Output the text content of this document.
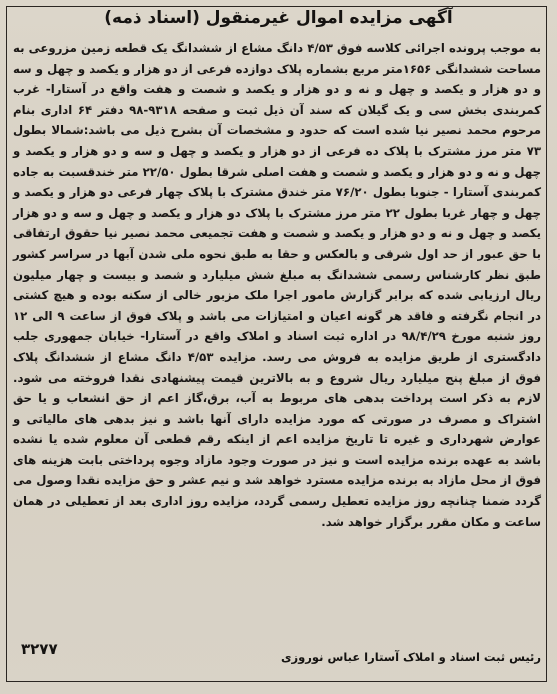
آگهی مزایده اموال غیرمنقول (اسناد ذمه)

به موجب پرونده اجرائی کلاسه فوق ۴/۵۳ دانگ مشاع از ششدانگ یک قطعه زمین مزروعی به مساحت ششدانگی ۱۶۵۶متر مربع بشماره پلاک دوازده فرعی از دو هزار و یکصد و چهل و سه و دو هزار و یکصد و چهل و نه و دو هزار و یکصد و شصت و هفت واقع در آستارا- غرب کمربندی بخش سی و یک گیلان که سند آن ذیل ثبت و صفحه ۹۳۱۸-۹۸ دفتر ۶۴ اداری بنام مرحوم محمد نصیر نیا شده است که حدود و مشخصات آن بشرح ذیل می باشد:شمالا بطول ۷۳ متر مرز مشترک با پلاک ده فرعی از دو هزار و یکصد و چهل و سه و دو هزار و یکصد و چهل و نه و دو هزار و یکصد و شصت و هفت اصلی شرقا بطول ۲۲/۵۰ متر خندقسبت به جاده کمربندی آستارا - جنوبا بطول ۷۶/۲۰ متر خندق مشترک با پلاک چهار فرعی دو هزار و یکصد و چهل و چهار غربا بطول ۲۲ متر مرز مشترک با پلاک دو هزار و یکصد و چهل و سه و دو هزار یکصد و چهل و نه و دو هزار و یکصد و شصت و هفت تجمیعی محمد نصیر نیا حقوق ارتفاقی با حق عبور از حد اول شرقی و بالعکس و حقا به طبق نحوه ملی شدن آبها در سراسر کشور طبق نظر کارشناس رسمی ششدانگ به مبلغ شش میلیارد و شصد و بیست و چهار میلیون ریال ارزیابی شده که برابر گزارش مامور اجرا ملک مزبور خالی از سکنه بوده و هیچ کشتی در انجام نگرفته و فاقد هر گونه اعیان و امتیازات می باشد و پلاک فوق از ساعت ۹ الی ۱۲ روز شنبه مورخ ۹۸/۴/۲۹ در اداره ثبت اسناد و املاک واقع در آستارا- خیابان جمهوری جلب دادگستری از طریق مزایده به فروش می رسد. مزایده ۴/۵۳ دانگ مشاع از ششدانگ پلاک فوق از مبلغ پنج میلیارد ریال شروع و به بالاترین قیمت پیشنهادی نقدا فروخته می شود. لازم به ذکر است پرداخت بدهی های مربوط به آب، برق،گاز اعم از حق انشعاب و یا حق اشتراک و مصرف در صورتی که مورد مزایده دارای آنها باشد و نیز بدهی های مالیاتی و عوارض شهرداری و غیره تا تاریخ مزایده اعم از اینکه رقم قطعی آن معلوم شده یا نشده باشد به عهده برنده مزایده است و نیز در صورت وجود مازاد وجوه پرداختی بابت هزینه های فوق از محل مازاد به برنده مزایده مسترد خواهد شد و نیم عشر و حق مزایده نقدا وصول می گردد ضمنا چنانچه روز مزایده تعطیل رسمی گردد، مزایده روز اداری بعد از تعطیلی در همان ساعت و مکان مقرر برگزار خواهد شد.

رئیس ثبت اسناد و املاک آستارا عباس نوروزی
۳۲۷۷
